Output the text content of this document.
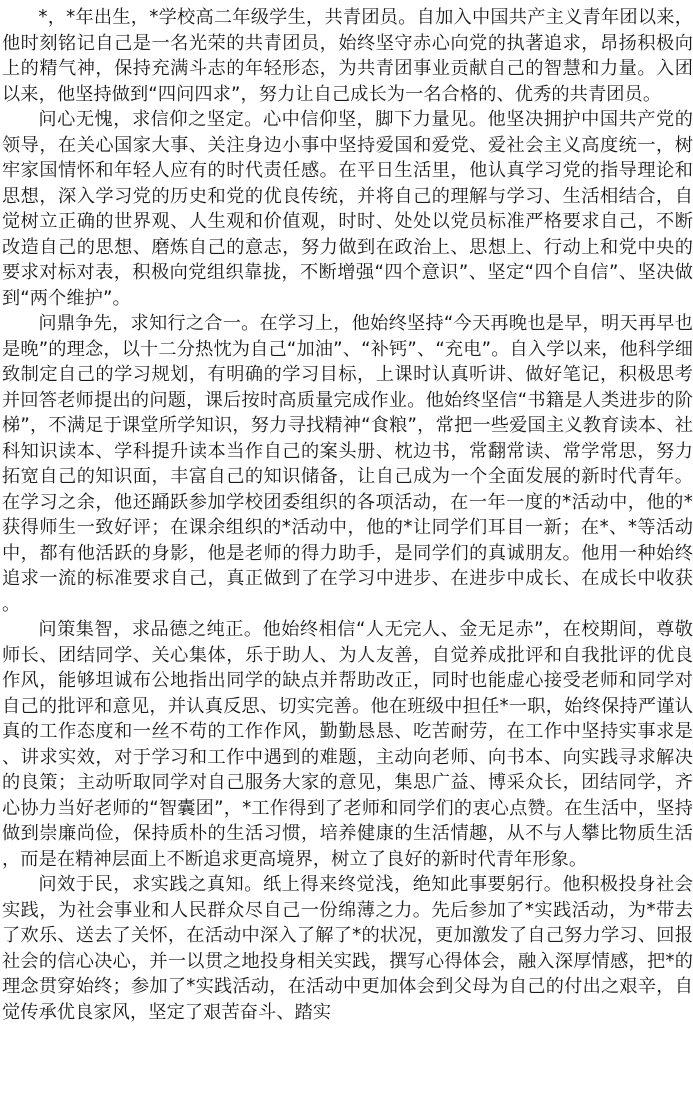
*，*年出生，*学校高二年级学生，共青团员。自加入中国共产主义青年团以来，他时刻铭记自己是一名光荣的共青团员，始终坚守赤心向党的执著追求，昂扬积极向上的精气神，保持充满斗志的年轻形态，为共青团事业贡献自己的智慧和力量。入团以来，他坚持做到“四问四求”，努力让自己成长为一名合格的、优秀的共青团员。

问心无愧，求信仰之坚定。心中信仰坚，脚下力量见。他坚决拥护中国共产党的领导，在关心国家大事、关注身边小事中坚持爱国和爱党、爱社会主义高度统一，树牢家国情怀和年轻人应有的时代责任感。在平日生活里，他认真学习党的指导理论和思想，深入学习党的历史和党的优良传统，并将自己的理解与学习、生活相结合，自觉树立正确的世界观、人生观和价值观，时时、处处以党员标准严格要求自己，不断改造自己的思想、磨炼自己的意志，努力做到在政治上、思想上、行动上和党中央的要求对标对表，积极向党组织靠拢，不断增强“四个意识”、坚定“四个自信”、坚决做到“两个维护”。

问鼎争先，求知行之合一。在学习上，他始终坚持“今天再晚也是早，明天再早也是晚”的理念，以十二分热忱为自己“加油”、“补钙”、“充电”。自入学以来，他科学细致制定自己的学习规划，有明确的学习目标，上课时认真听讲、做好笔记，积极思考并回答老师提出的问题，课后按时高质量完成作业。他始终坚信“书籍是人类进步的阶梯”，不满足于课堂所学知识，努力寻找精神“食粮”，常把一些爱国主义教育读本、社科知识读本、学科提升读本当作自己的案头册、枕边书，常翻常读、常学常思，努力拓宽自己的知识面，丰富自己的知识储备，让自己成为一个全面发展的新时代青年。在学习之余，他还踊跃参加学校团委组织的各项活动，在一年一度的*活动中，他的*获得师生一致好评；在课余组织的*活动中，他的*让同学们耳目一新；在*、*等活动中，都有他活跃的身影，他是老师的得力助手，是同学们的真诚朋友。他用一种始终追求一流的标准要求自己，真正做到了在学习中进步、在进步中成长、在成长中收获。

问策集智，求品德之纯正。他始终相信“人无完人、金无足赤”，在校期间，尊敬师长、团结同学、关心集体，乐于助人、为人友善，自觉养成批评和自我批评的优良作风，能够坦诚布公地指出同学的缺点并帮助改正，同时也能虚心接受老师和同学对自己的批评和意见，并认真反思、切实完善。他在班级中担任*一职，始终保持严谨认真的工作态度和一丝不苟的工作作风，勤勤恳恳、吃苦耐劳，在工作中坚持实事求是、讲求实效，对于学习和工作中遇到的难题，主动向老师、向书本、向实践寻求解决的良策；主动听取同学对自己服务大家的意见，集思广益、博采众长，团结同学，齐心协力当好老师的“智囊团”，*工作得到了老师和同学们的衷心点赞。在生活中，坚持做到崇廉尚俭，保持质朴的生活习惯，培养健康的生活情趣，从不与人攀比物质生活，而是在精神层面上不断追求更高境界，树立了良好的新时代青年形象。

问效于民，求实践之真知。纸上得来终觉浅，绝知此事要躬行。他积极投身社会实践，为社会事业和人民群众尽自己一份绵薄之力。先后参加了*实践活动，为*带去了欢乐、送去了关怀，在活动中深入了解了*的状况，更加激发了自己努力学习、回报社会的信心决心，并一以贯之地投身相关实践，撰写心得体会，融入深厚情感，把*的理念贯穿始终；参加了*实践活动，在活动中更加体会到父母为自己的付出之艰辛，自觉传承优良家风，坚定了艰苦奋斗、踏实
